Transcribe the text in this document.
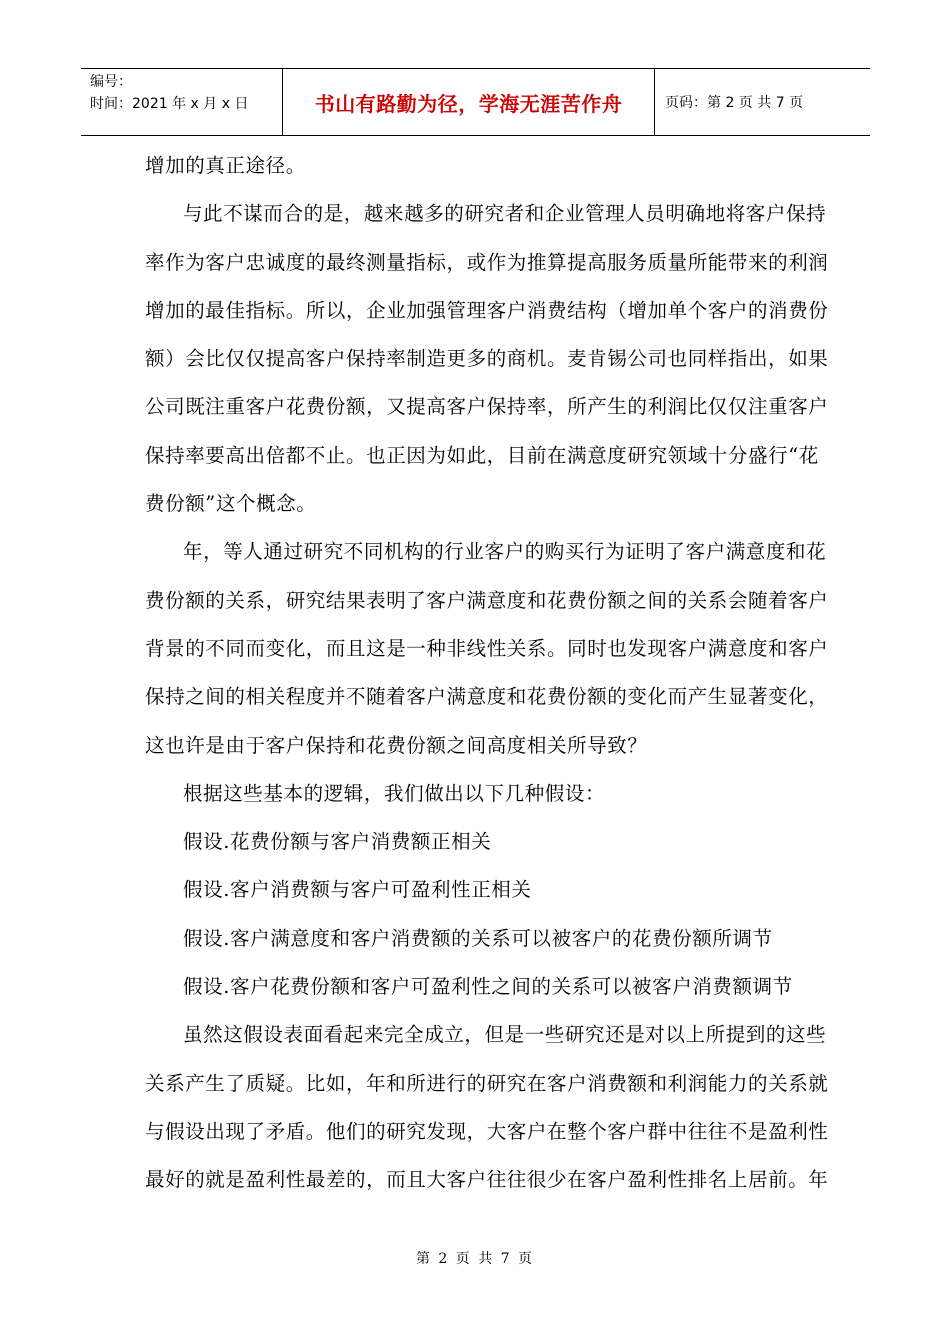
编号：
时间：2021 年 x 月 x 日	书山有路勤为径，学海无涯苦作舟	页码：第 2 页 共 7 页
增加的真正途径。
与此不谋而合的是，越来越多的研究者和企业管理人员明确地将客户保持
率作为客户忠诚度的最终测量指标，或作为推算提高服务质量所能带来的利润
增加的最佳指标。所以，企业加强管理客户消费结构（增加单个客户的消费份
额）会比仅仅提高客户保持率制造更多的商机。麦肯锡公司也同样指出，如果
公司既注重客户花费份额，又提高客户保持率，所产生的利润比仅仅注重客户
保持率要高出倍都不止。也正因为如此，目前在满意度研究领域十分盛行“花
费份额”这个概念。
年，等人通过研究不同机构的行业客户的购买行为证明了客户满意度和花
费份额的关系，研究结果表明了客户满意度和花费份额之间的关系会随着客户
背景的不同而变化，而且这是一种非线性关系。同时也发现客户满意度和客户
保持之间的相关程度并不随着客户满意度和花费份额的变化而产生显著变化，
这也许是由于客户保持和花费份额之间高度相关所导致？
根据这些基本的逻辑，我们做出以下几种假设：
假设.花费份额与客户消费额正相关
假设.客户消费额与客户可盈利性正相关
假设.客户满意度和客户消费额的关系可以被客户的花费份额所调节
假设.客户花费份额和客户可盈利性之间的关系可以被客户消费额调节
虽然这假设表面看起来完全成立，但是一些研究还是对以上所提到的这些
关系产生了质疑。比如，年和所进行的研究在客户消费额和利润能力的关系就
与假设出现了矛盾。他们的研究发现，大客户在整个客户群中往往不是盈利性
最好的就是盈利性最差的，而且大客户往往很少在客户盈利性排名上居前。年
第 2 页 共 7 页
